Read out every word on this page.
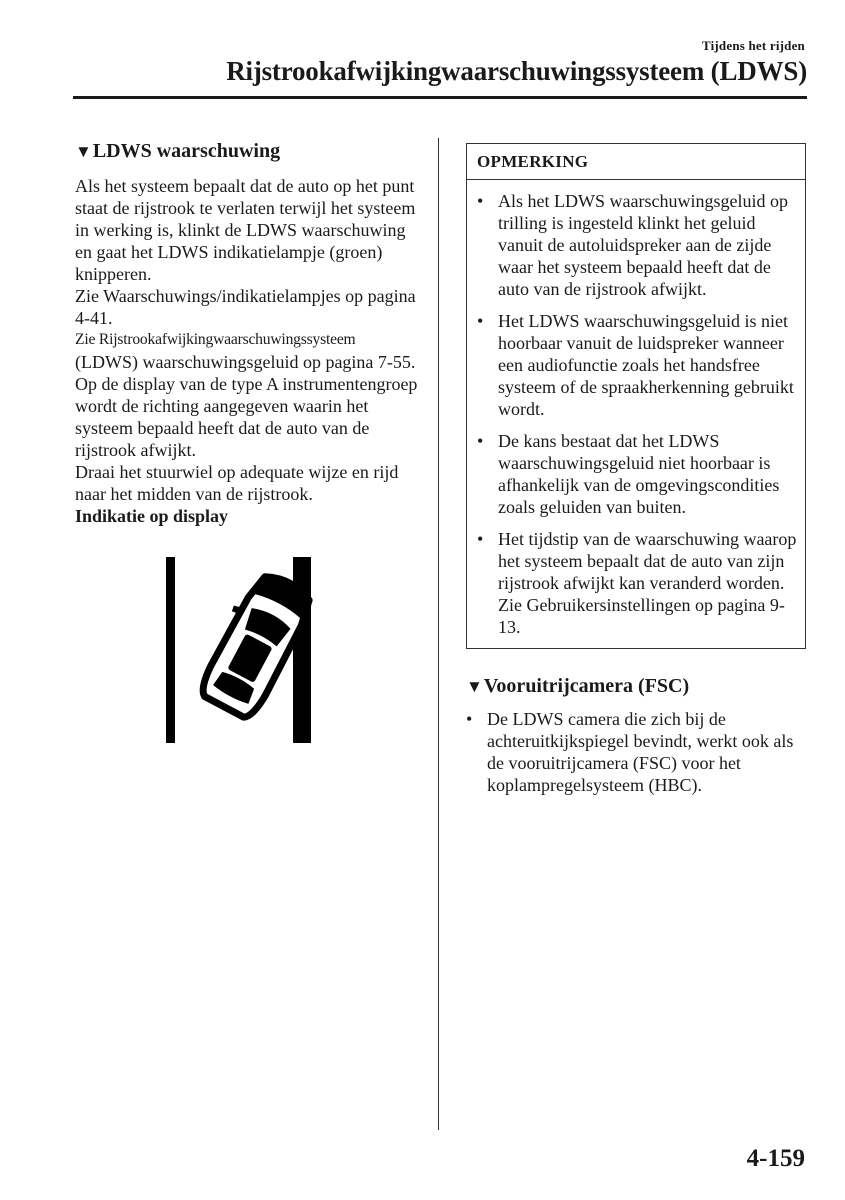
Tijdens het rijden
Rijstrookafwijkingwaarschuwingssysteem (LDWS)
▼LDWS waarschuwing

Als het systeem bepaalt dat de auto op het punt staat de rijstrook te verlaten terwijl het systeem in werking is, klinkt de LDWS waarschuwing en gaat het LDWS indikatielampje (groen) knipperen.

Zie Waarschuwings/indikatielampjes op pagina 4-41.

Zie Rijstrookafwijkingwaarschuwingssysteem

(LDWS) waarschuwingsgeluid op pagina 7-55.

Op de display van de type A instrumentengroep wordt de richting aangegeven waarin het systeem bepaald heeft dat de auto van de rijstrook afwijkt.

Draai het stuurwiel op adequate wijze en rijd naar het midden van de rijstrook.

Indikatie op display

OPMERKING
• Als het LDWS waarschuwingsgeluid op trilling is ingesteld klinkt het geluid vanuit de autoluidspreker aan de zijde waar het systeem bepaald heeft dat de auto van de rijstrook afwijkt.
• Het LDWS waarschuwingsgeluid is niet hoorbaar vanuit de luidspreker wanneer een audiofunctie zoals het handsfree systeem of de spraakherkenning gebruikt wordt.
• De kans bestaat dat het LDWS waarschuwingsgeluid niet hoorbaar is afhankelijk van de omgevingscondities zoals geluiden van buiten.
• Het tijdstip van de waarschuwing waarop het systeem bepaalt dat de auto van zijn rijstrook afwijkt kan veranderd worden.
Zie Gebruikersinstellingen op pagina 9-13.
▼Vooruitrijcamera (FSC)
• De LDWS camera die zich bij de achteruitkijkspiegel bevindt, werkt ook als de vooruitrijcamera (FSC) voor het koplampregelsysteem (HBC).
4-159
